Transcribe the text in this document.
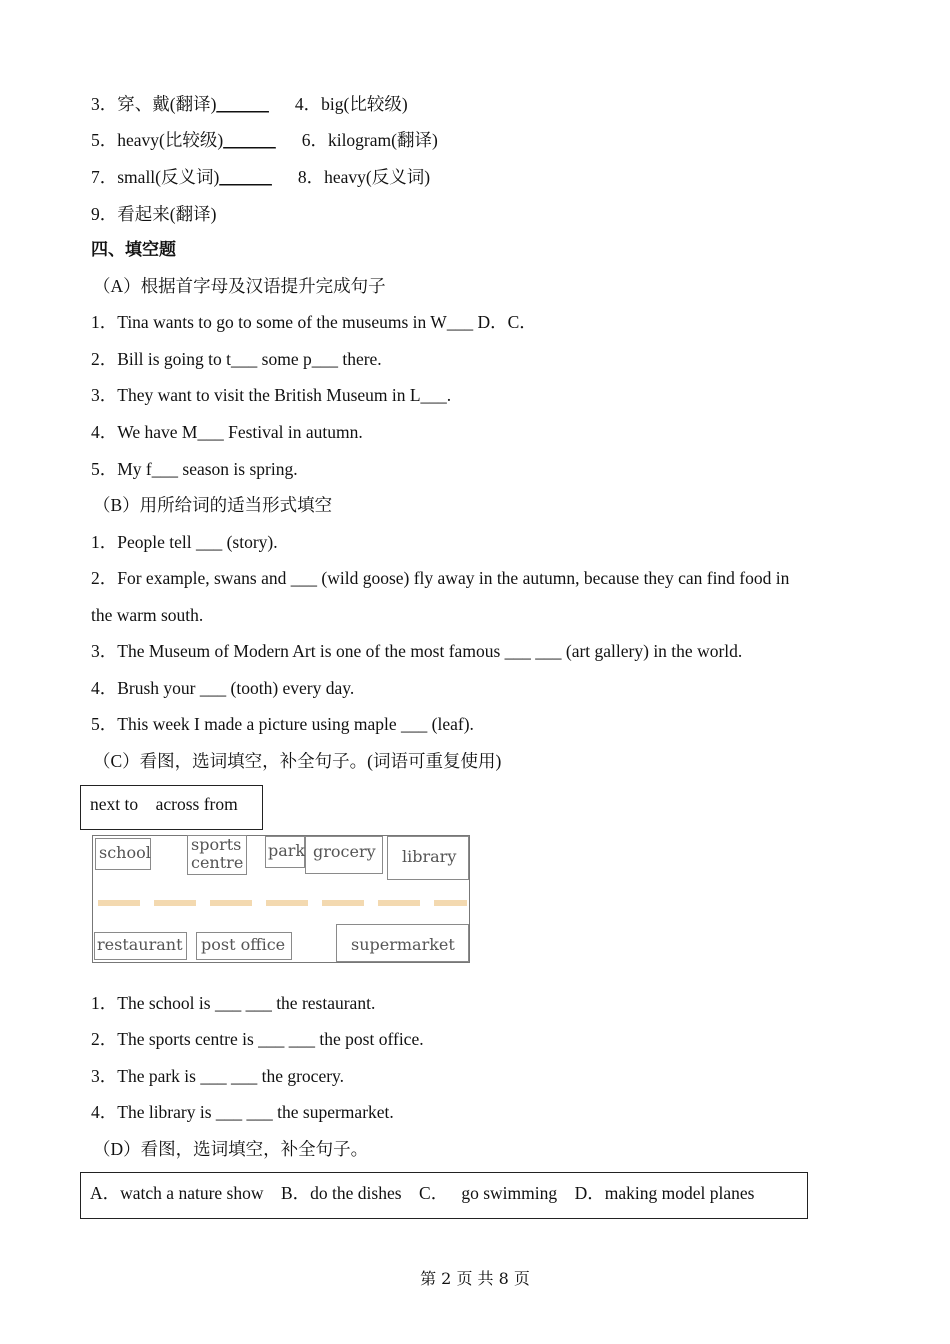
3．穿、戴(翻译)______ 4．big(比较级)
5．heavy(比较级)______ 6．kilogram(翻译)
7．small(反义词)______ 8．heavy(反义词)
9．看起来(翻译)
四、填空题
（A）根据首字母及汉语提升完成句子
1．Tina wants to go to some of the museums in W___ D．C．
2．Bill is going to t___ some p___ there.
3．They want to visit the British Museum in L___.
4．We have M___ Festival in autumn.
5．My f___ season is spring.
（B）用所给词的适当形式填空
1．People tell ___ (story).
2．For example, swans and ___ (wild goose) fly away in the autumn, because they can find food in
the warm south.
3．The Museum of Modern Art is one of the most famous ___ ___ (art gallery) in the world.
4．Brush your ___ (tooth) every day.
5．This week I made a picture using maple ___ (leaf).
（C）看图，选词填空，补全句子。(词语可重复使用)
next to    across from
school	sports
centre
park grocery library
restaurant post office	supermarket
1．The school is ___ ___ the restaurant.
2．The sports centre is ___ ___ the post office.
3．The park is ___ ___ the grocery.
4．The library is ___ ___ the supermarket.
（D）看图，选词填空，补全句子。
A．watch a nature show    B．do the dishes    C．   go swimming    D．making model planes
第 2 页 共 8 页
